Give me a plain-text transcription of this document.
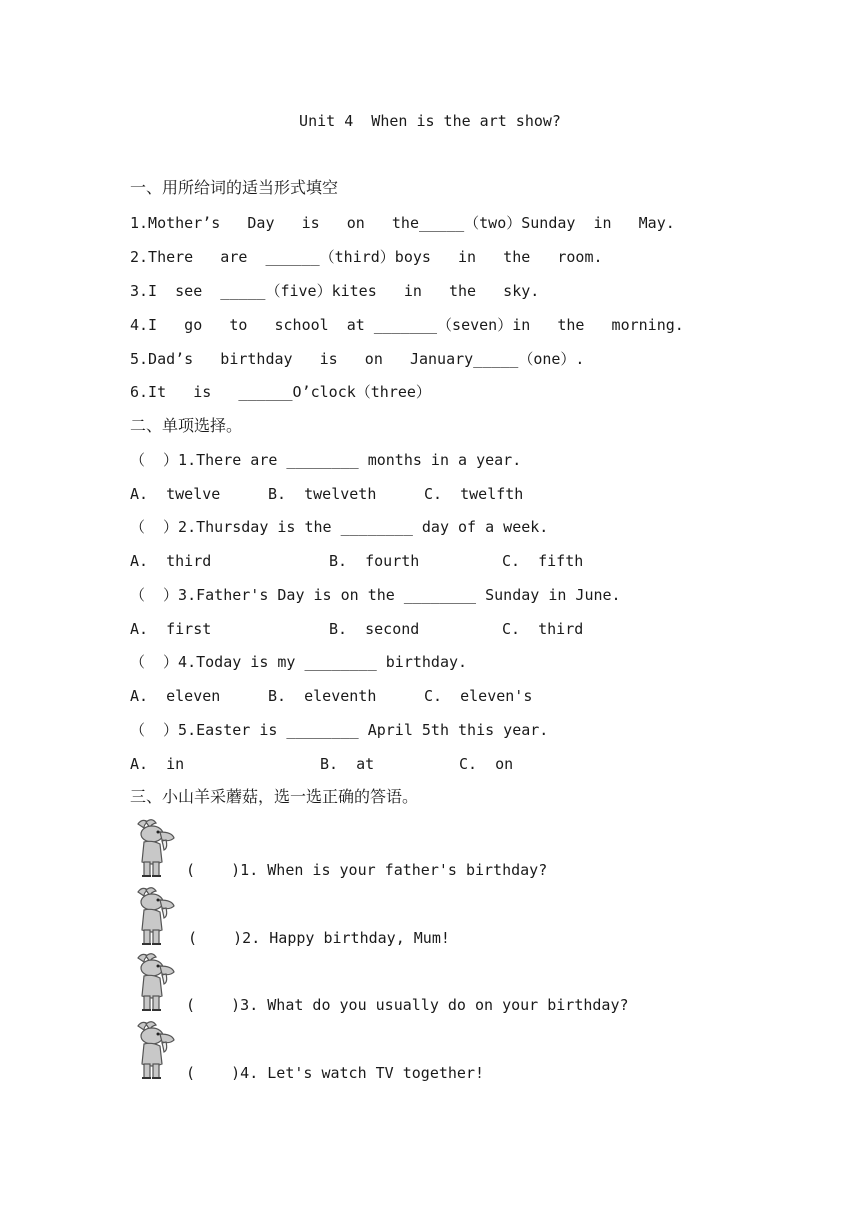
Unit 4  When is the art show?
一、用所给词的适当形式填空
1.Mother’s   Day   is   on   the_____（two）Sunday  in   May.
2.There   are  ______（third）boys   in   the   room.
3.I  see  _____（five）kites   in   the   sky.
4.I   go   to   school  at _______（seven）in   the   morning.
5.Dad’s   birthday   is   on   January_____（one）.
6.It   is   ______O’clock（three）
二、单项选择。
（  ）1.There are ________ months in a year.
A.  twelve	B.  twelveth	C.  twelfth
（  ）2.Thursday is the ________ day of a week.
A.  third	B.  fourth	C.  fifth
（  ）3.Father's Day is on the ________ Sunday in June.
A.  first	B.  second	C.  third
（  ）4.Today is my ________ birthday.
A.  eleven	B.  eleventh	C.  eleven's
（  ）5.Easter is ________ April 5th this year.
A.  in	B.  at	C.  on
三、小山羊采蘑菇，选一选正确的答语。
(    )1. When is your father's birthday?
(    )2. Happy birthday, Mum!
(    )3. What do you usually do on your birthday?
(    )4. Let's watch TV together!
